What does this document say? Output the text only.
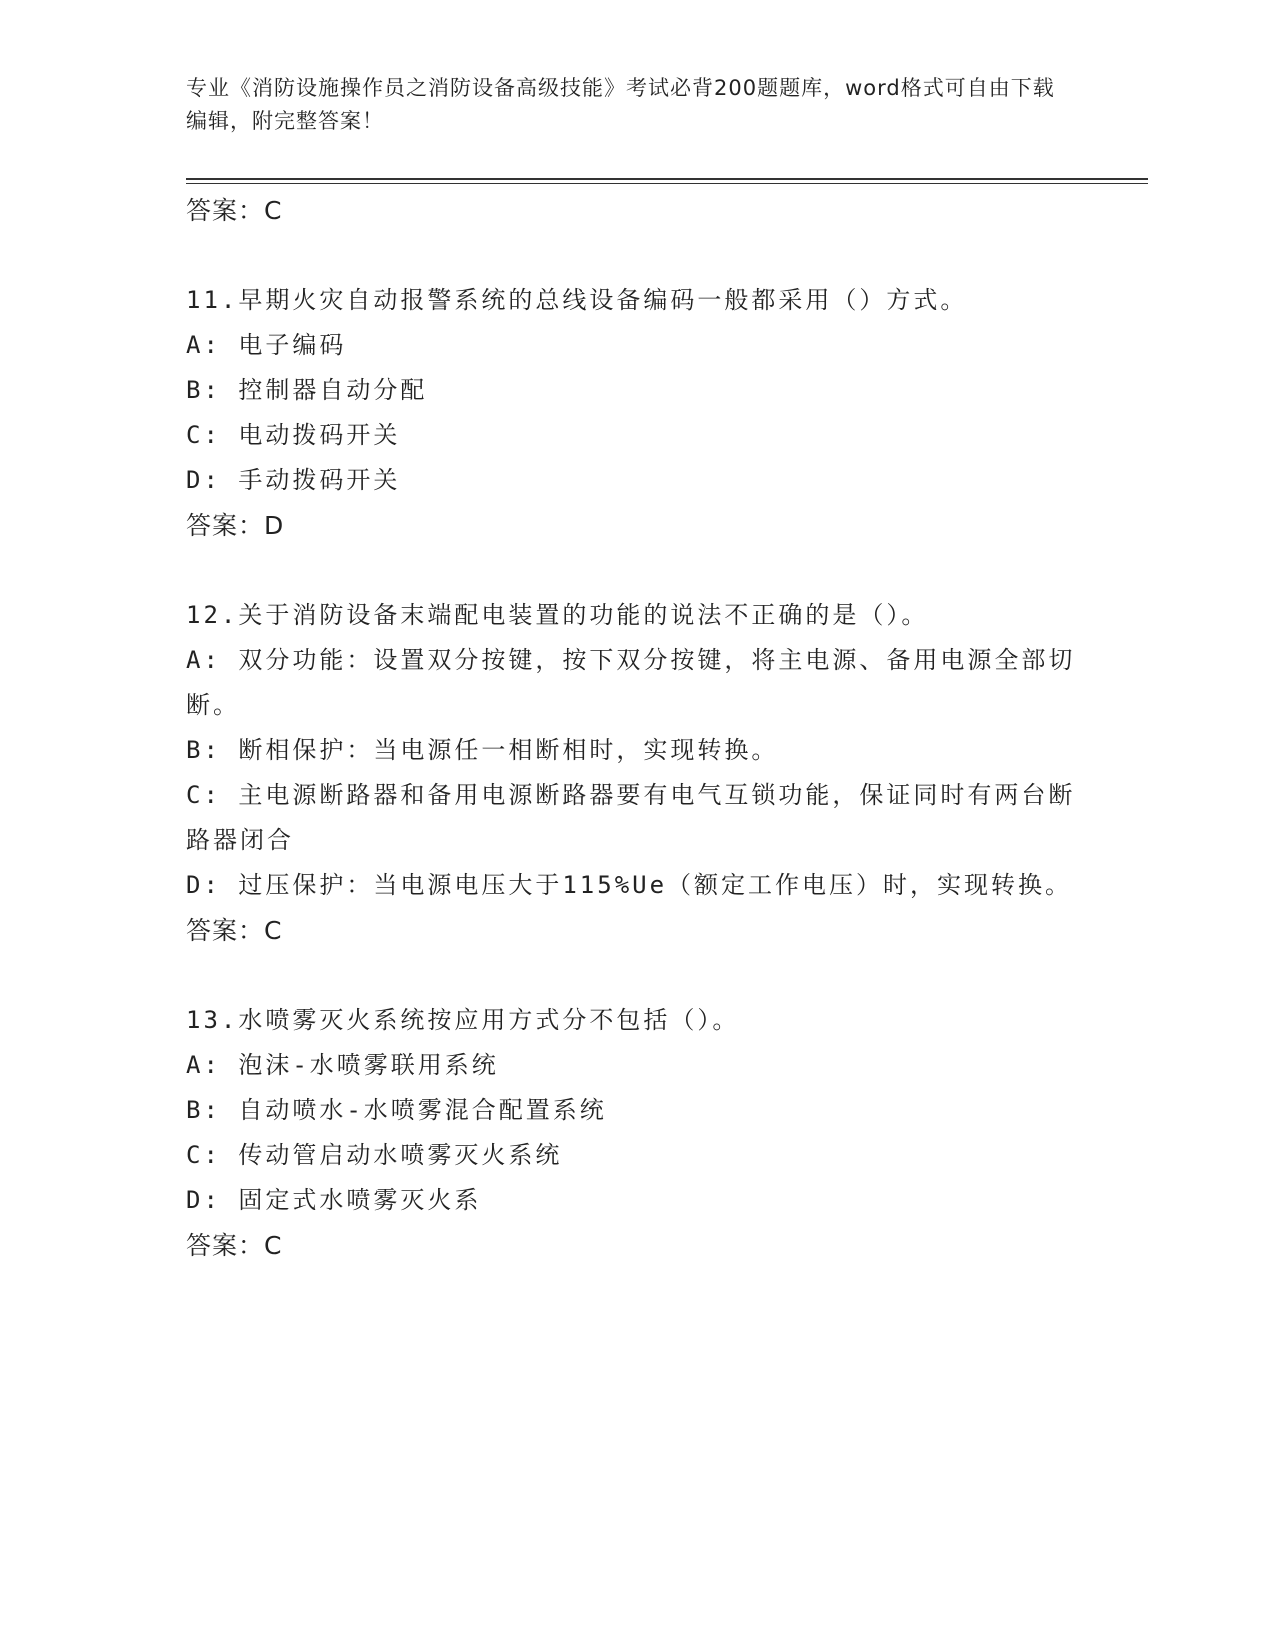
专业《消防设施操作员之消防设备高级技能》考试必背200题题库，word格式可自由下载编辑，附完整答案！
答案：C
11.早期火灾自动报警系统的总线设备编码一般都采用（）方式。
A: 电子编码
B: 控制器自动分配
C: 电动拨码开关
D: 手动拨码开关
答案：D
12.关于消防设备末端配电装置的功能的说法不正确的是（）。
A: 双分功能：设置双分按键，按下双分按键，将主电源、备用电源全部切断。
B: 断相保护：当电源任一相断相时，实现转换。
C: 主电源断路器和备用电源断路器要有电气互锁功能，保证同时有两台断路器闭合
D: 过压保护：当电源电压大于115%Ue（额定工作电压）时，实现转换。
答案：C
13.水喷雾灭火系统按应用方式分不包括（）。
A: 泡沫-水喷雾联用系统
B: 自动喷水-水喷雾混合配置系统
C: 传动管启动水喷雾灭火系统
D: 固定式水喷雾灭火系
答案：C
